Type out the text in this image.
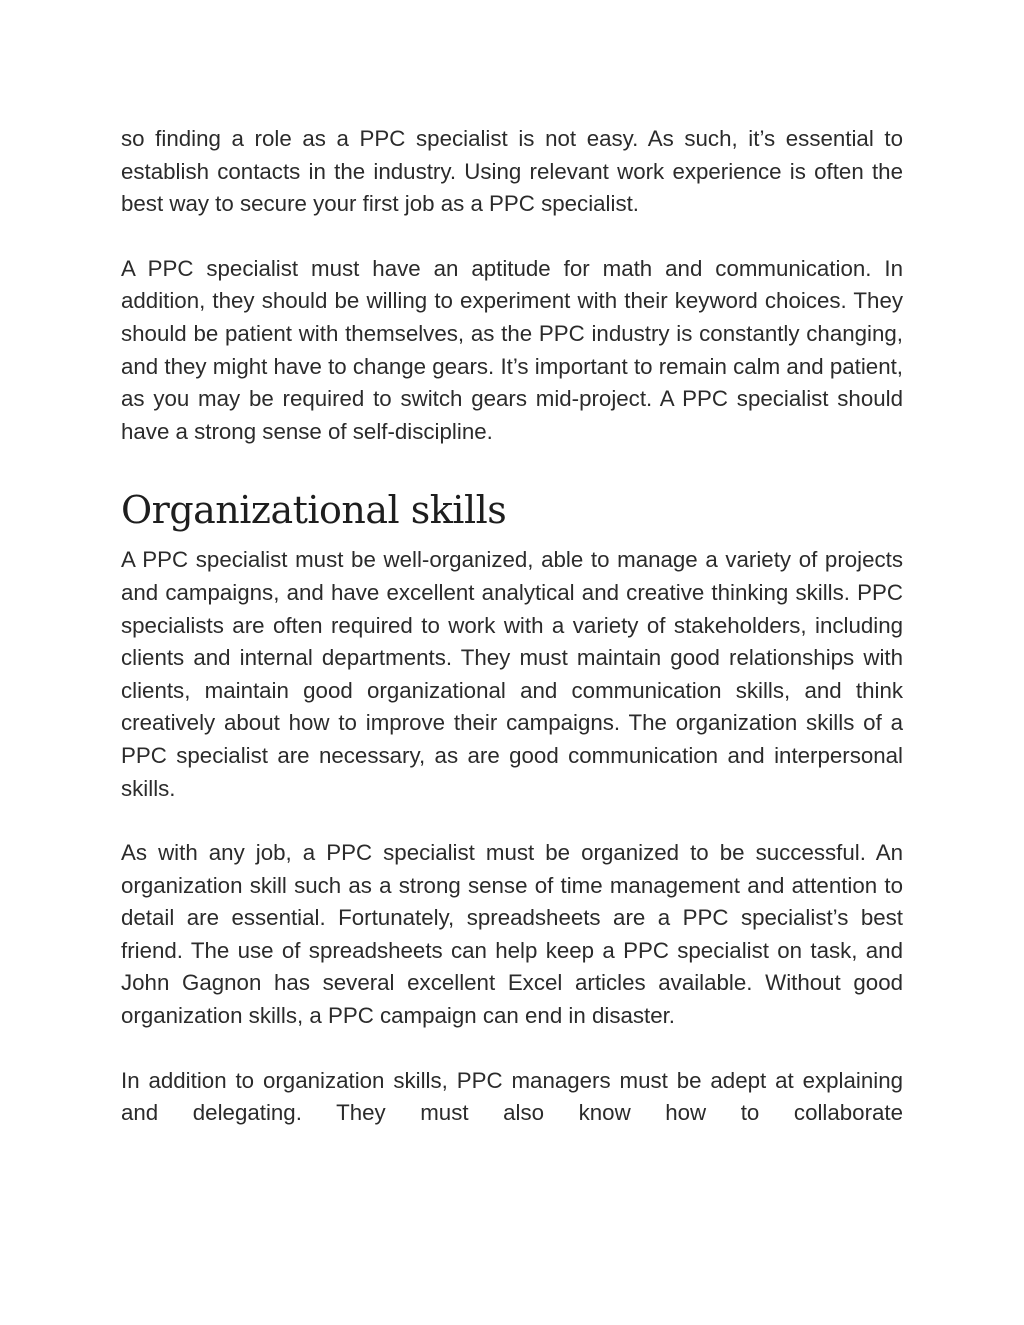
so finding a role as a PPC specialist is not easy. As such, it’s essential to establish contacts in the industry. Using relevant work experience is often the best way to secure your first job as a PPC specialist.

A PPC specialist must have an aptitude for math and communication. In addition, they should be willing to experiment with their keyword choices. They should be patient with themselves, as the PPC industry is constantly changing, and they might have to change gears. It’s important to remain calm and patient, as you may be required to switch gears mid-project. A PPC specialist should have a strong sense of self-discipline.

Organizational skills

A PPC specialist must be well-organized, able to manage a variety of projects and campaigns, and have excellent analytical and creative thinking skills. PPC specialists are often required to work with a variety of stakeholders, including clients and internal departments. They must maintain good relationships with clients, maintain good organizational and communication skills, and think creatively about how to improve their campaigns. The organization skills of a PPC specialist are necessary, as are good communication and interpersonal skills.

As with any job, a PPC specialist must be organized to be successful. An organization skill such as a strong sense of time management and attention to detail are essential. Fortunately, spreadsheets are a PPC specialist’s best friend. The use of spreadsheets can help keep a PPC specialist on task, and John Gagnon has several excellent Excel articles available. Without good organization skills, a PPC campaign can end in disaster.

In addition to organization skills, PPC managers must be adept at explaining and delegating. They must also know how to collaborate
